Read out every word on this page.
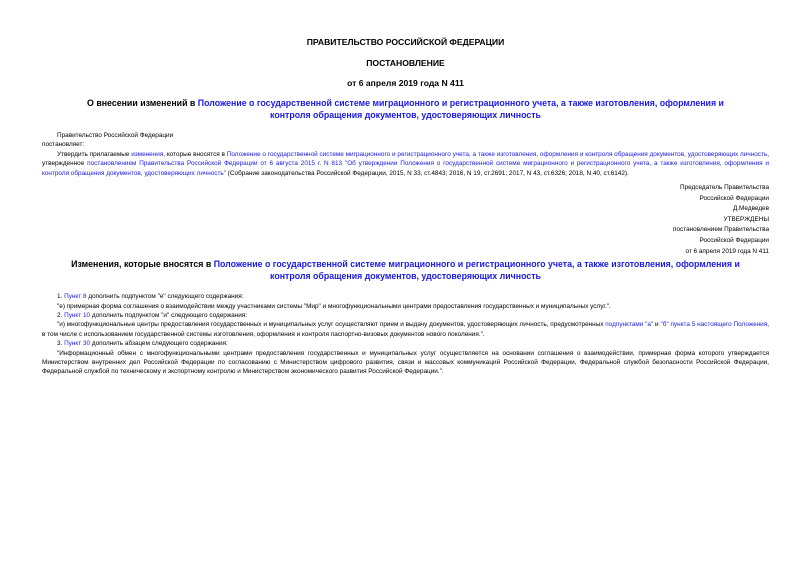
ПРАВИТЕЛЬСТВО РОССИЙСКОЙ ФЕДЕРАЦИИ
ПОСТАНОВЛЕНИЕ
от 6 апреля 2019 года N 411
О внесении изменений в Положение о государственной системе миграционного и регистрационного учета, а также изготовления, оформления и контроля обращения документов, удостоверяющих личность

Правительство Российской Федерации

постановляет:

Утвердить прилагаемые изменения, которые вносятся в Положение о государственной системе миграционного и регистрационного учета, а также изготовления, оформления и контроля обращения документов, удостоверяющих личность, утвержденное постановлением Правительства Российской Федерации от 6 августа 2015 г. N 813 "Об утверждении Положения о государственной системе миграционного и регистрационного учета, а также изготовления, оформления и контроля обращения документов, удостоверяющих личность" (Собрание законодательства Российской Федерации, 2015, N 33, ст.4843; 2016, N 19, ст.2691; 2017, N 43, ст.6326; 2018, N 40, ст.6142).

Председатель Правительства
Российской Федерации
Д.Медведев
УТВЕРЖДЕНЫ
постановлением Правительства
Российской Федерации
от 6 апреля 2019 года N 411
Изменения, которые вносятся в Положение о государственной системе миграционного и регистрационного учета, а также изготовления, оформления и контроля обращения документов, удостоверяющих личность

1. Пункт 8 дополнить подпунктом "е" следующего содержания:

"е) примерная форма соглашения о взаимодействии между участниками системы "Мир" и многофункциональными центрами предоставления государственных и муниципальных услуг.".

2. Пункт 10 дополнить подпунктом "и" следующего содержания:

"и) многофункциональные центры предоставления государственных и муниципальных услуг осуществляют прием и выдачу документов, удостоверяющих личность, предусмотренных подпунктами "а" и "б" пункта 5 настоящего Положения, в том числе с использованием государственной системы изготовления, оформления и контроля паспортно-визовых документов нового поколения.".

3. Пункт 30 дополнить абзацем следующего содержания:

"Информационный обмен с многофункциональными центрами предоставления государственных и муниципальных услуг осуществляется на основании соглашения о взаимодействии, примерная форма которого утверждается Министерством внутренних дел Российской Федерации по согласованию с Министерством цифрового развития, связи и массовых коммуникаций Российской Федерации, Федеральной службой безопасности Российской Федерации, Федеральной службой по техническому и экспортному контролю и Министерством экономического развития Российской Федерации.".
